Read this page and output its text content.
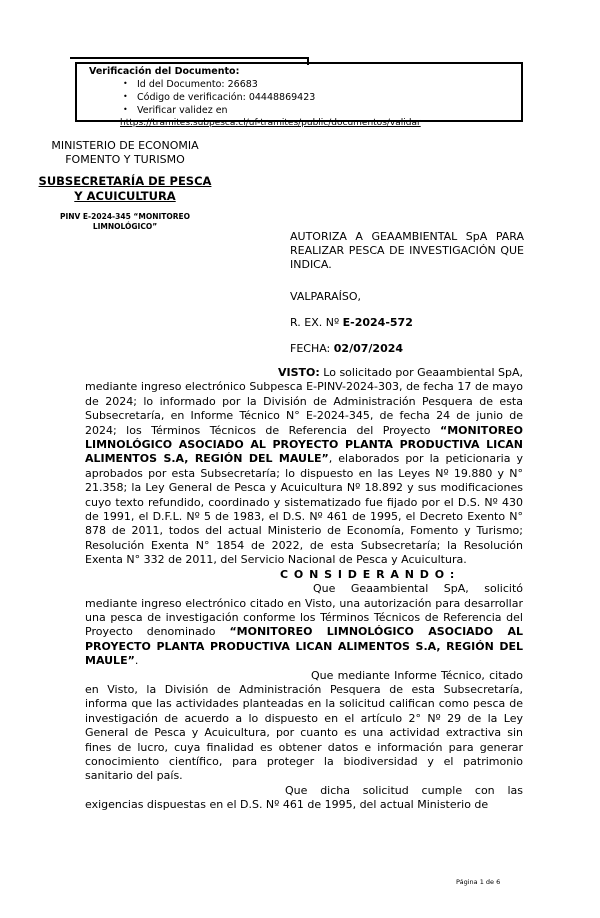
Verificación del Documento:
• Id del Documento: 26683
• Código de verificación: 04448869423
• Verificar validez en
https://tramites.subpesca.cl/uf-tramites/public/documentos/validar
MINISTERIO DE ECONOMIA
FOMENTO Y TURISMO
SUBSECRETARÍA DE PESCA
Y ACUICULTURA
PINV E-2024-345 “MONITOREO
LIMNOLÓGICO”
AUTORIZA A GEAAMBIENTAL SpA PARA REALIZAR PESCA DE INVESTIGACIÓN QUE INDICA.
VALPARAÍSO,
R. EX. Nº E-2024-572
FECHA: 02/07/2024

VISTO: Lo solicitado por Geaambiental SpA, mediante ingreso electrónico Subpesca E-PINV-2024-303, de fecha 17 de mayo de 2024; lo informado por la División de Administración Pesquera de esta Subsecretaría, en Informe Técnico N° E-2024-345, de fecha 24 de junio de 2024; los Términos Técnicos de Referencia del Proyecto “MONITOREO LIMNOLÓGICO ASOCIADO AL PROYECTO PLANTA PRODUCTIVA LICAN ALIMENTOS S.A, REGIÓN DEL MAULE”, elaborados por la peticionaria y aprobados por esta Subsecretaría; lo dispuesto en las Leyes Nº 19.880 y N° 21.358; la Ley General de Pesca y Acuicultura Nº 18.892 y sus modificaciones cuyo texto refundido, coordinado y sistematizado fue fijado por el D.S. Nº 430 de 1991, el D.F.L. Nº 5 de 1983, el D.S. Nº 461 de 1995, el Decreto Exento N° 878 de 2011, todos del actual Ministerio de Economía, Fomento y Turismo; Resolución Exenta N° 1854 de 2022, de esta Subsecretaría; la Resolución Exenta N° 332 de 2011, del Servicio Nacional de Pesca y Acuicultura.

C O N S I D E R A N D O :

Que Geaambiental SpA, solicitó mediante ingreso electrónico citado en Visto, una autorización para desarrollar una pesca de investigación conforme los Términos Técnicos de Referencia del Proyecto denominado “MONITOREO LIMNOLÓGICO ASOCIADO AL PROYECTO PLANTA PRODUCTIVA LICAN ALIMENTOS S.A, REGIÓN DEL MAULE”.

Que mediante Informe Técnico, citado en Visto, la División de Administración Pesquera de esta Subsecretaría, informa que las actividades planteadas en la solicitud califican como pesca de investigación de acuerdo a lo dispuesto en el artículo 2° Nº 29 de la Ley General de Pesca y Acuicultura, por cuanto es una actividad extractiva sin fines de lucro, cuya finalidad es obtener datos e información para generar conocimiento científico, para proteger la biodiversidad y el patrimonio sanitario del país.

Que dicha solicitud cumple con las exigencias dispuestas en el D.S. Nº 461 de 1995, del actual Ministerio de

Página 1 de 6
